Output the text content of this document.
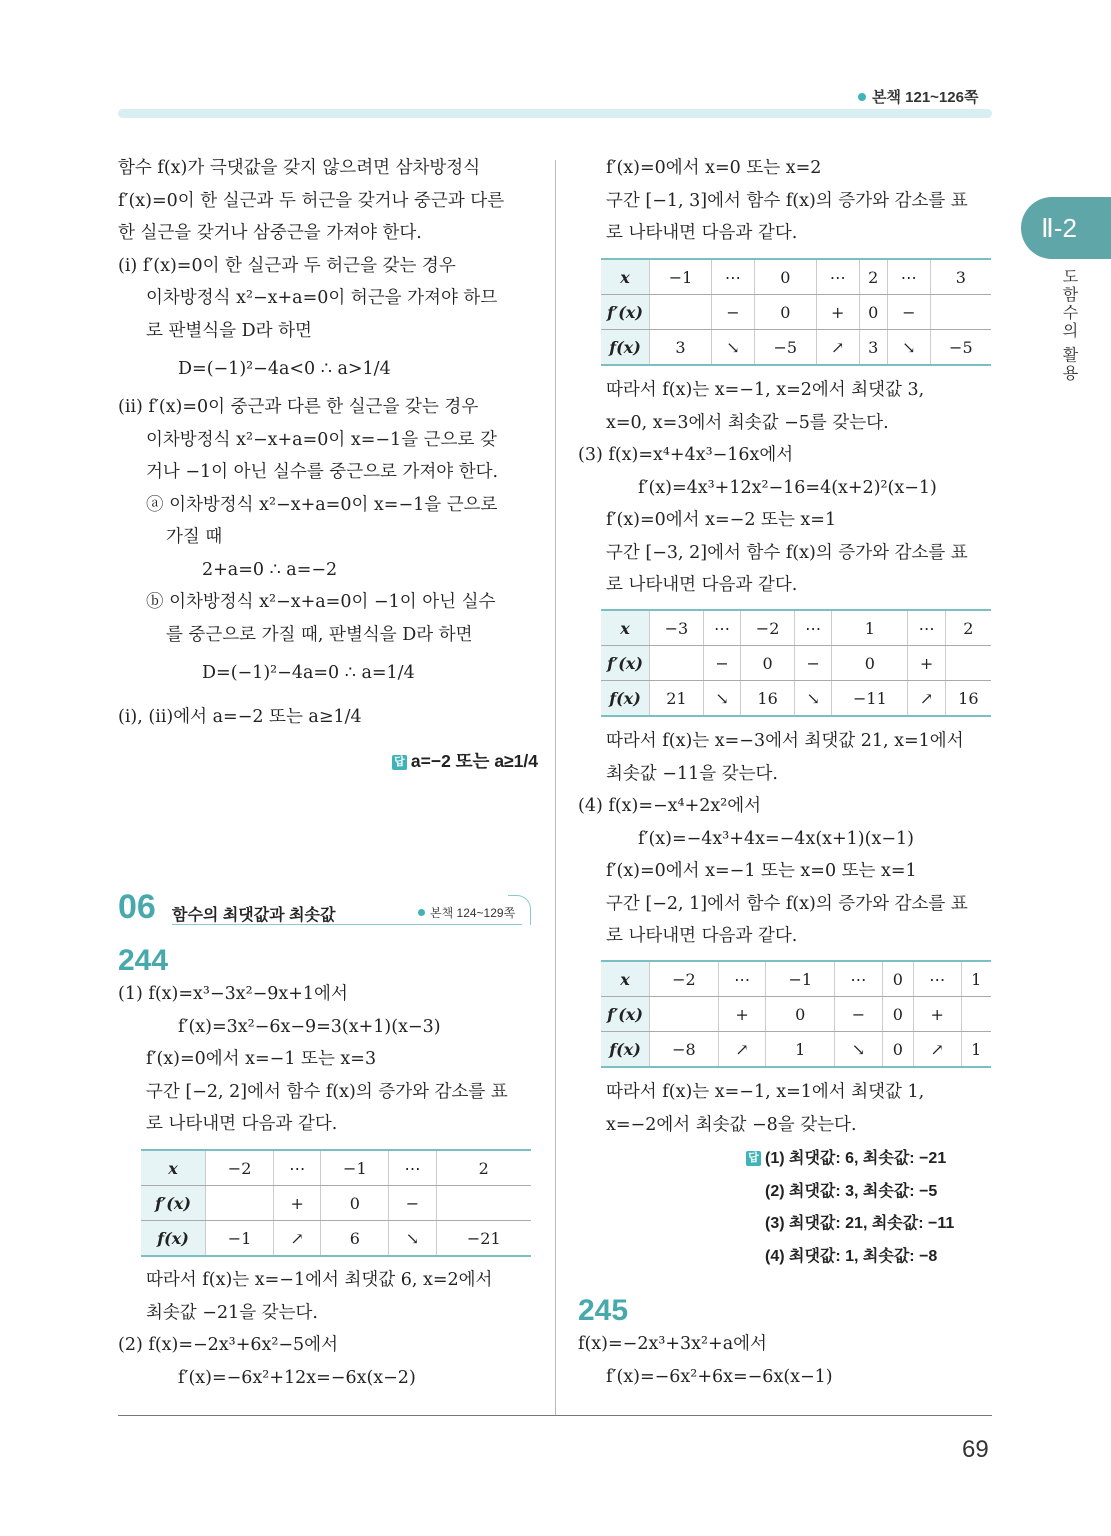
본책 121~126쪽
Ⅱ-2
도함수의 활용

함수 f(x)가 극댓값을 갖지 않으려면 삼차방정식

f′(x)=0이 한 실근과 두 허근을 갖거나 중근과 다른

한 실근을 갖거나 삼중근을 가져야 한다.

(ⅰ) f′(x)=0이 한 실근과 두 허근을 갖는 경우

이차방정식 x²−x+a=0이 허근을 가져야 하므

로 판별식을 D라 하면

D=(−1)²−4a<0 ∴ a>1/4

(ⅱ) f′(x)=0이 중근과 다른 한 실근을 갖는 경우

이차방정식 x²−x+a=0이 x=−1을 근으로 갖

거나 −1이 아닌 실수를 중근으로 가져야 한다.

ⓐ 이차방정식 x²−x+a=0이 x=−1을 근으로

가질 때

2+a=0 ∴ a=−2

ⓑ 이차방정식 x²−x+a=0이 −1이 아닌 실수

를 중근으로 가질 때, 판별식을 D라 하면

D=(−1)²−4a=0 ∴ a=1/4

(ⅰ), (ⅱ)에서 a=−2 또는 a≥1/4

답 a=−2 또는 a≥1/4

06 함수의 최댓값과 최솟값	본책 124~129쪽
244

(1) f(x)=x³−3x²−9x+1에서

f′(x)=3x²−6x−9=3(x+1)(x−3)

f′(x)=0에서 x=−1 또는 x=3

구간 [−2, 2]에서 함수 f(x)의 증가와 감소를 표

로 나타내면 다음과 같다.

x	−2	⋯	−1	⋯	2
f′(x)		+	0	−	
f(x)	−1	↗	6	↘	−21

따라서 f(x)는 x=−1에서 최댓값 6, x=2에서

최솟값 −21을 갖는다.

(2) f(x)=−2x³+6x²−5에서

f′(x)=−6x²+12x=−6x(x−2)

f′(x)=0에서 x=0 또는 x=2

구간 [−1, 3]에서 함수 f(x)의 증가와 감소를 표

로 나타내면 다음과 같다.

x	−1	⋯	0	⋯	2	⋯	3
f′(x)		−	0	+	0	−	
f(x)	3	↘	−5	↗	3	↘	−5

따라서 f(x)는 x=−1, x=2에서 최댓값 3,

x=0, x=3에서 최솟값 −5를 갖는다.

(3) f(x)=x⁴+4x³−16x에서

f′(x)=4x³+12x²−16=4(x+2)²(x−1)

f′(x)=0에서 x=−2 또는 x=1

구간 [−3, 2]에서 함수 f(x)의 증가와 감소를 표

로 나타내면 다음과 같다.

x	−3	⋯	−2	⋯	1	⋯	2
f′(x)		−	0	−	0	+	
f(x)	21	↘	16	↘	−11	↗	16

따라서 f(x)는 x=−3에서 최댓값 21, x=1에서

최솟값 −11을 갖는다.

(4) f(x)=−x⁴+2x²에서

f′(x)=−4x³+4x=−4x(x+1)(x−1)

f′(x)=0에서 x=−1 또는 x=0 또는 x=1

구간 [−2, 1]에서 함수 f(x)의 증가와 감소를 표

로 나타내면 다음과 같다.

x	−2	⋯	−1	⋯	0	⋯	1
f′(x)		+	0	−	0	+	
f(x)	−8	↗	1	↘	0	↗	1

따라서 f(x)는 x=−1, x=1에서 최댓값 1,

x=−2에서 최솟값 −8을 갖는다.

답 (1) 최댓값: 6, 최솟값: −21

(2) 최댓값: 3, 최솟값: −5

(3) 최댓값: 21, 최솟값: −11

(4) 최댓값: 1, 최솟값: −8

245

f(x)=−2x³+3x²+a에서

f′(x)=−6x²+6x=−6x(x−1)

69
